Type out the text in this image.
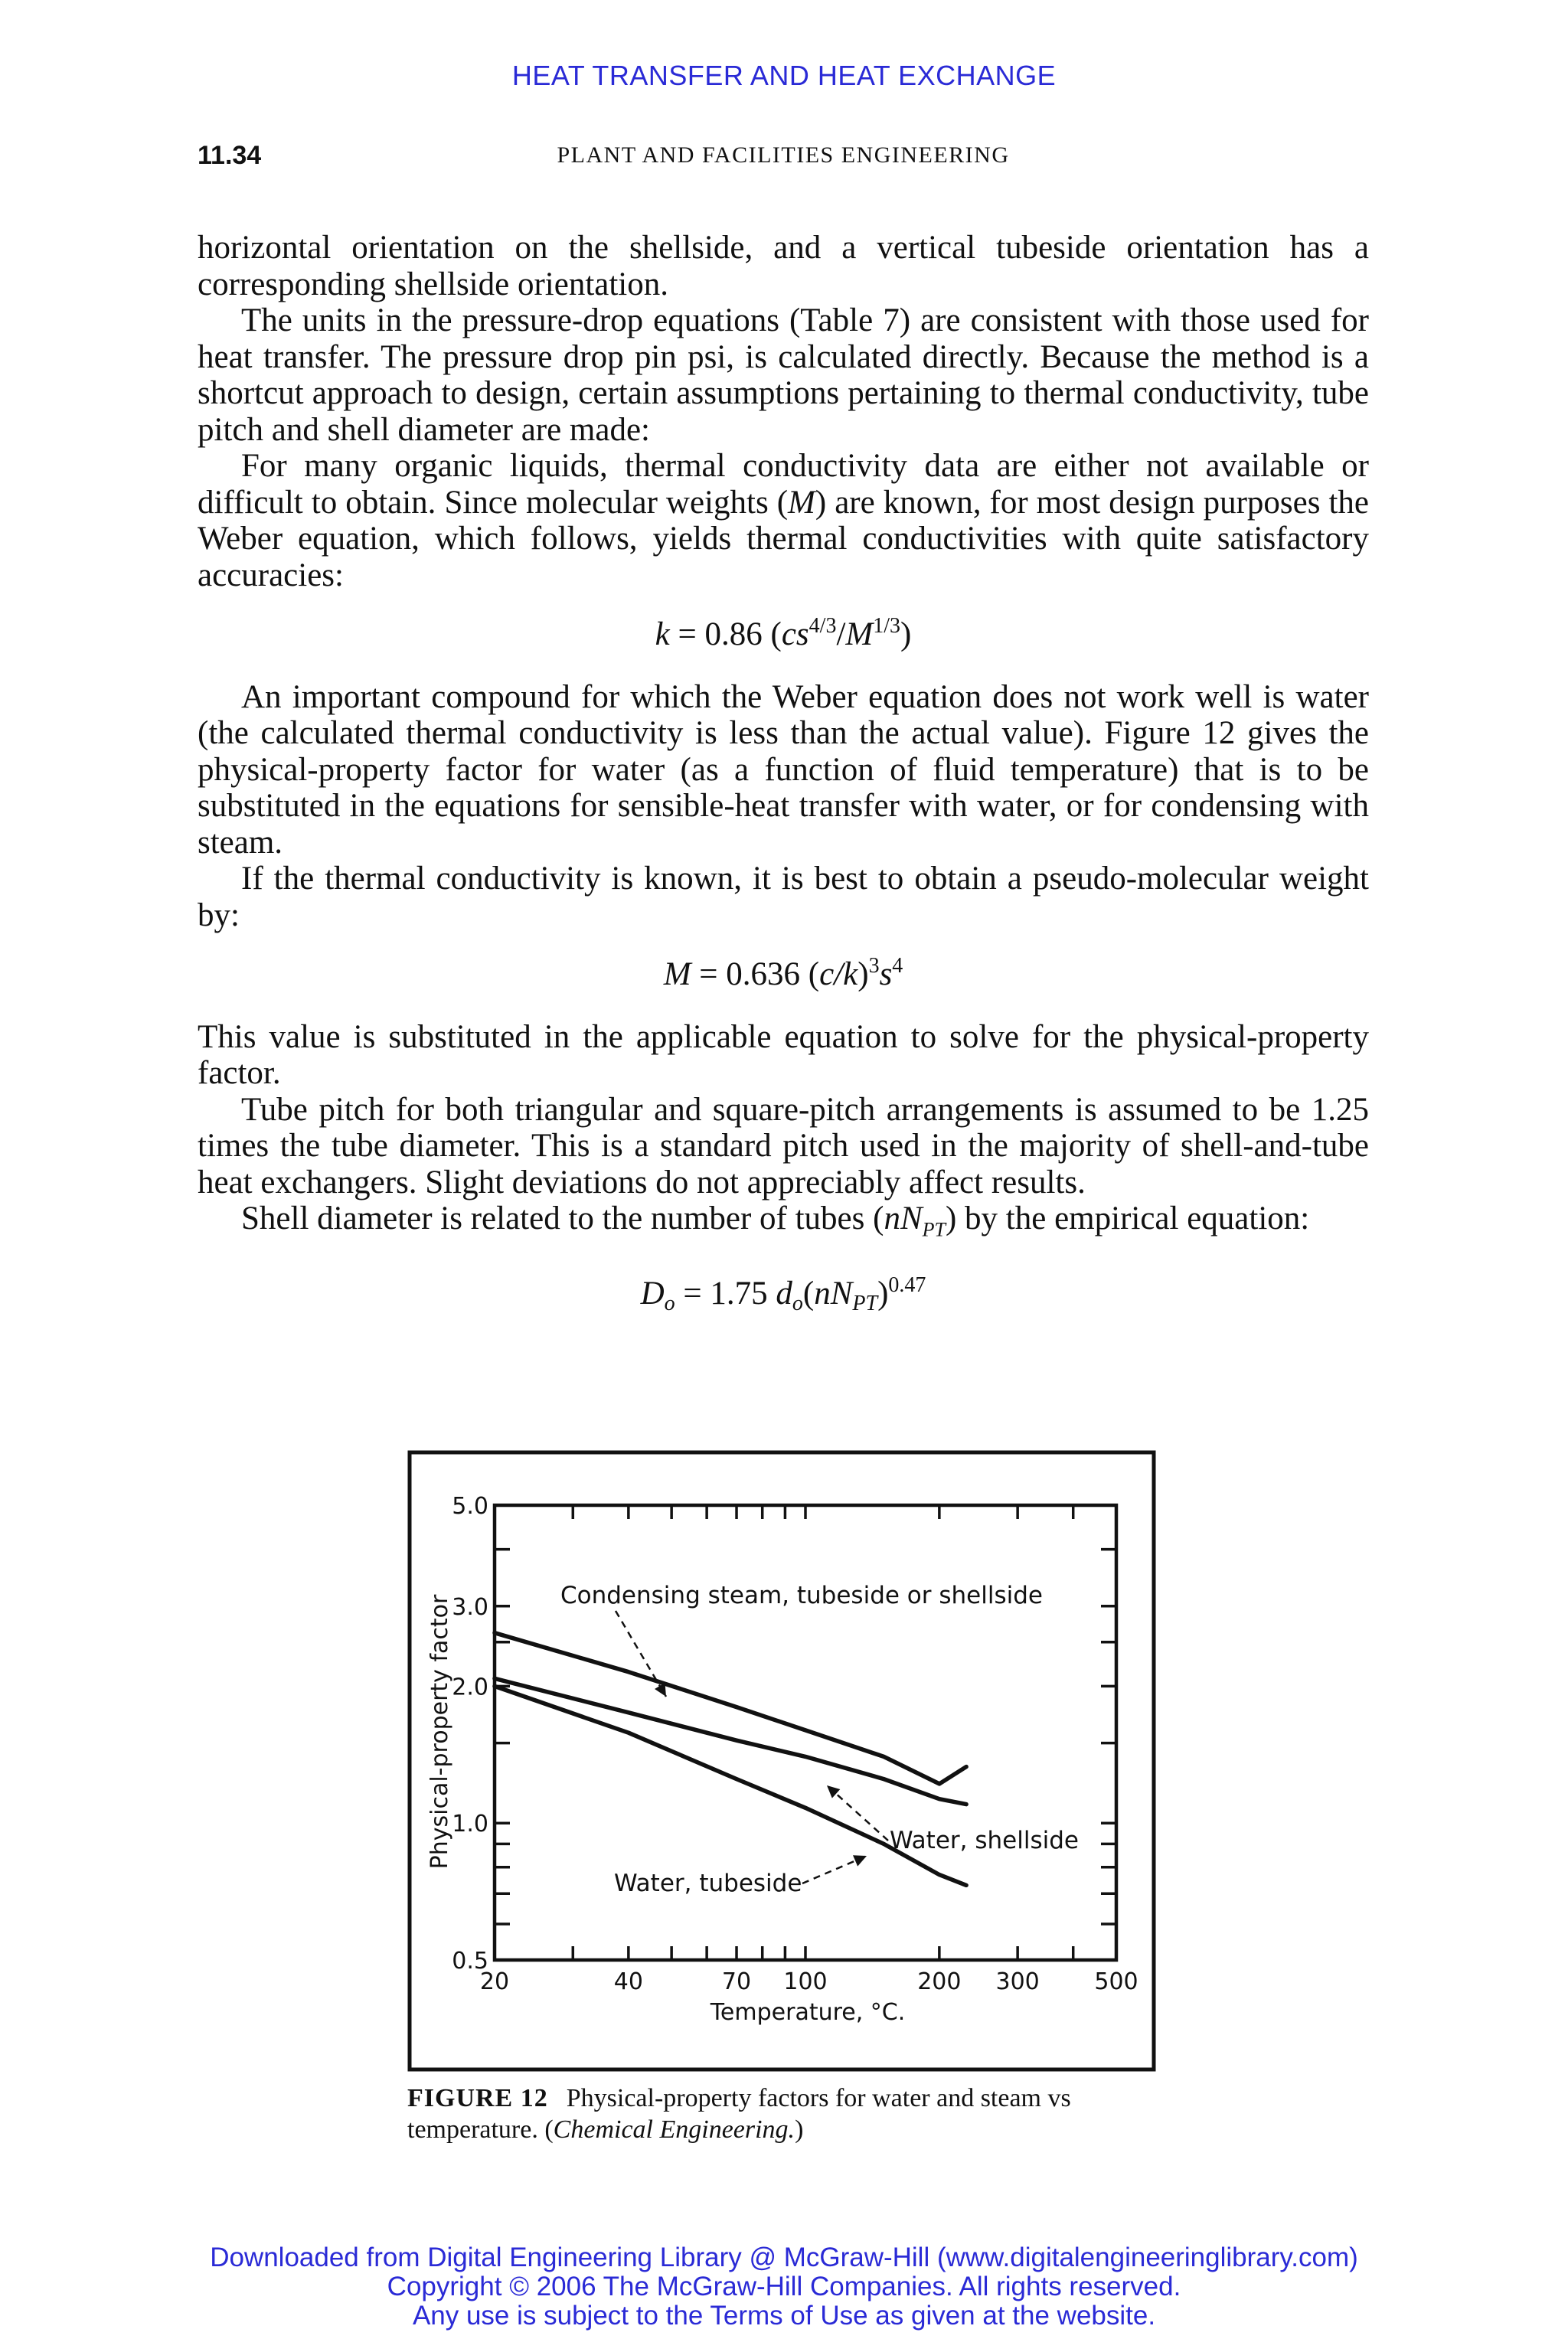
HEAT TRANSFER AND HEAT EXCHANGE
11.34	PLANT AND FACILITIES ENGINEERING

horizontal orientation on the shellside, and a vertical tubeside orientation has a corresponding shellside orientation.

The units in the pressure-drop equations (Table 7) are consistent with those used for heat transfer. The pressure drop pin psi, is calculated directly. Because the method is a shortcut approach to design, certain assumptions pertaining to thermal conductivity, tube pitch and shell diameter are made:

For many organic liquids, thermal conductivity data are either not available or difficult to obtain. Since molecular weights (M) are known, for most design purposes the Weber equation, which follows, yields thermal conductivities with quite satisfactory accuracies:

k = 0.86 $(cs^{4/3}/M^{1/3})$

An important compound for which the Weber equation does not work well is water (the calculated thermal conductivity is less than the actual value). Figure 12 gives the physical-property factor for water (as a function of fluid temperature) that is to be substituted in the equations for sensible-heat transfer with water, or for condensing with steam.

If the thermal conductivity is known, it is best to obtain a pseudo-molecular weight by:

M = 0.636 $(c/k)^3s^4$

This value is substituted in the applicable equation to solve for the physical-property factor.

Tube pitch for both triangular and square-pitch arrangements is assumed to be 1.25 times the tube diameter. This is a standard pitch used in the majority of shell-and-tube heat exchangers. Slight deviations do not appreciably affect results.

Shell diameter is related to the number of tubes $(nN_{PT})$ by the empirical equation:

$D_o = 1.75$ $d_o(nN_{PT})^{0.47}$
20	40	70 100	200 300 500
0.5
1.0
2.0
3.0
5.0
Condensing steam, tubeside or shellside
Water, shellside
Water, tubeside
Temperature, °C.
Physical-property factor
FIGURE 12 Physical-property factors for water and steam vs temperature. (Chemical Engineering.)
Downloaded from Digital Engineering Library @ McGraw-Hill (www.digitalengineeringlibrary.com)
Copyright © 2006 The McGraw-Hill Companies. All rights reserved.
Any use is subject to the Terms of Use as given at the website.
